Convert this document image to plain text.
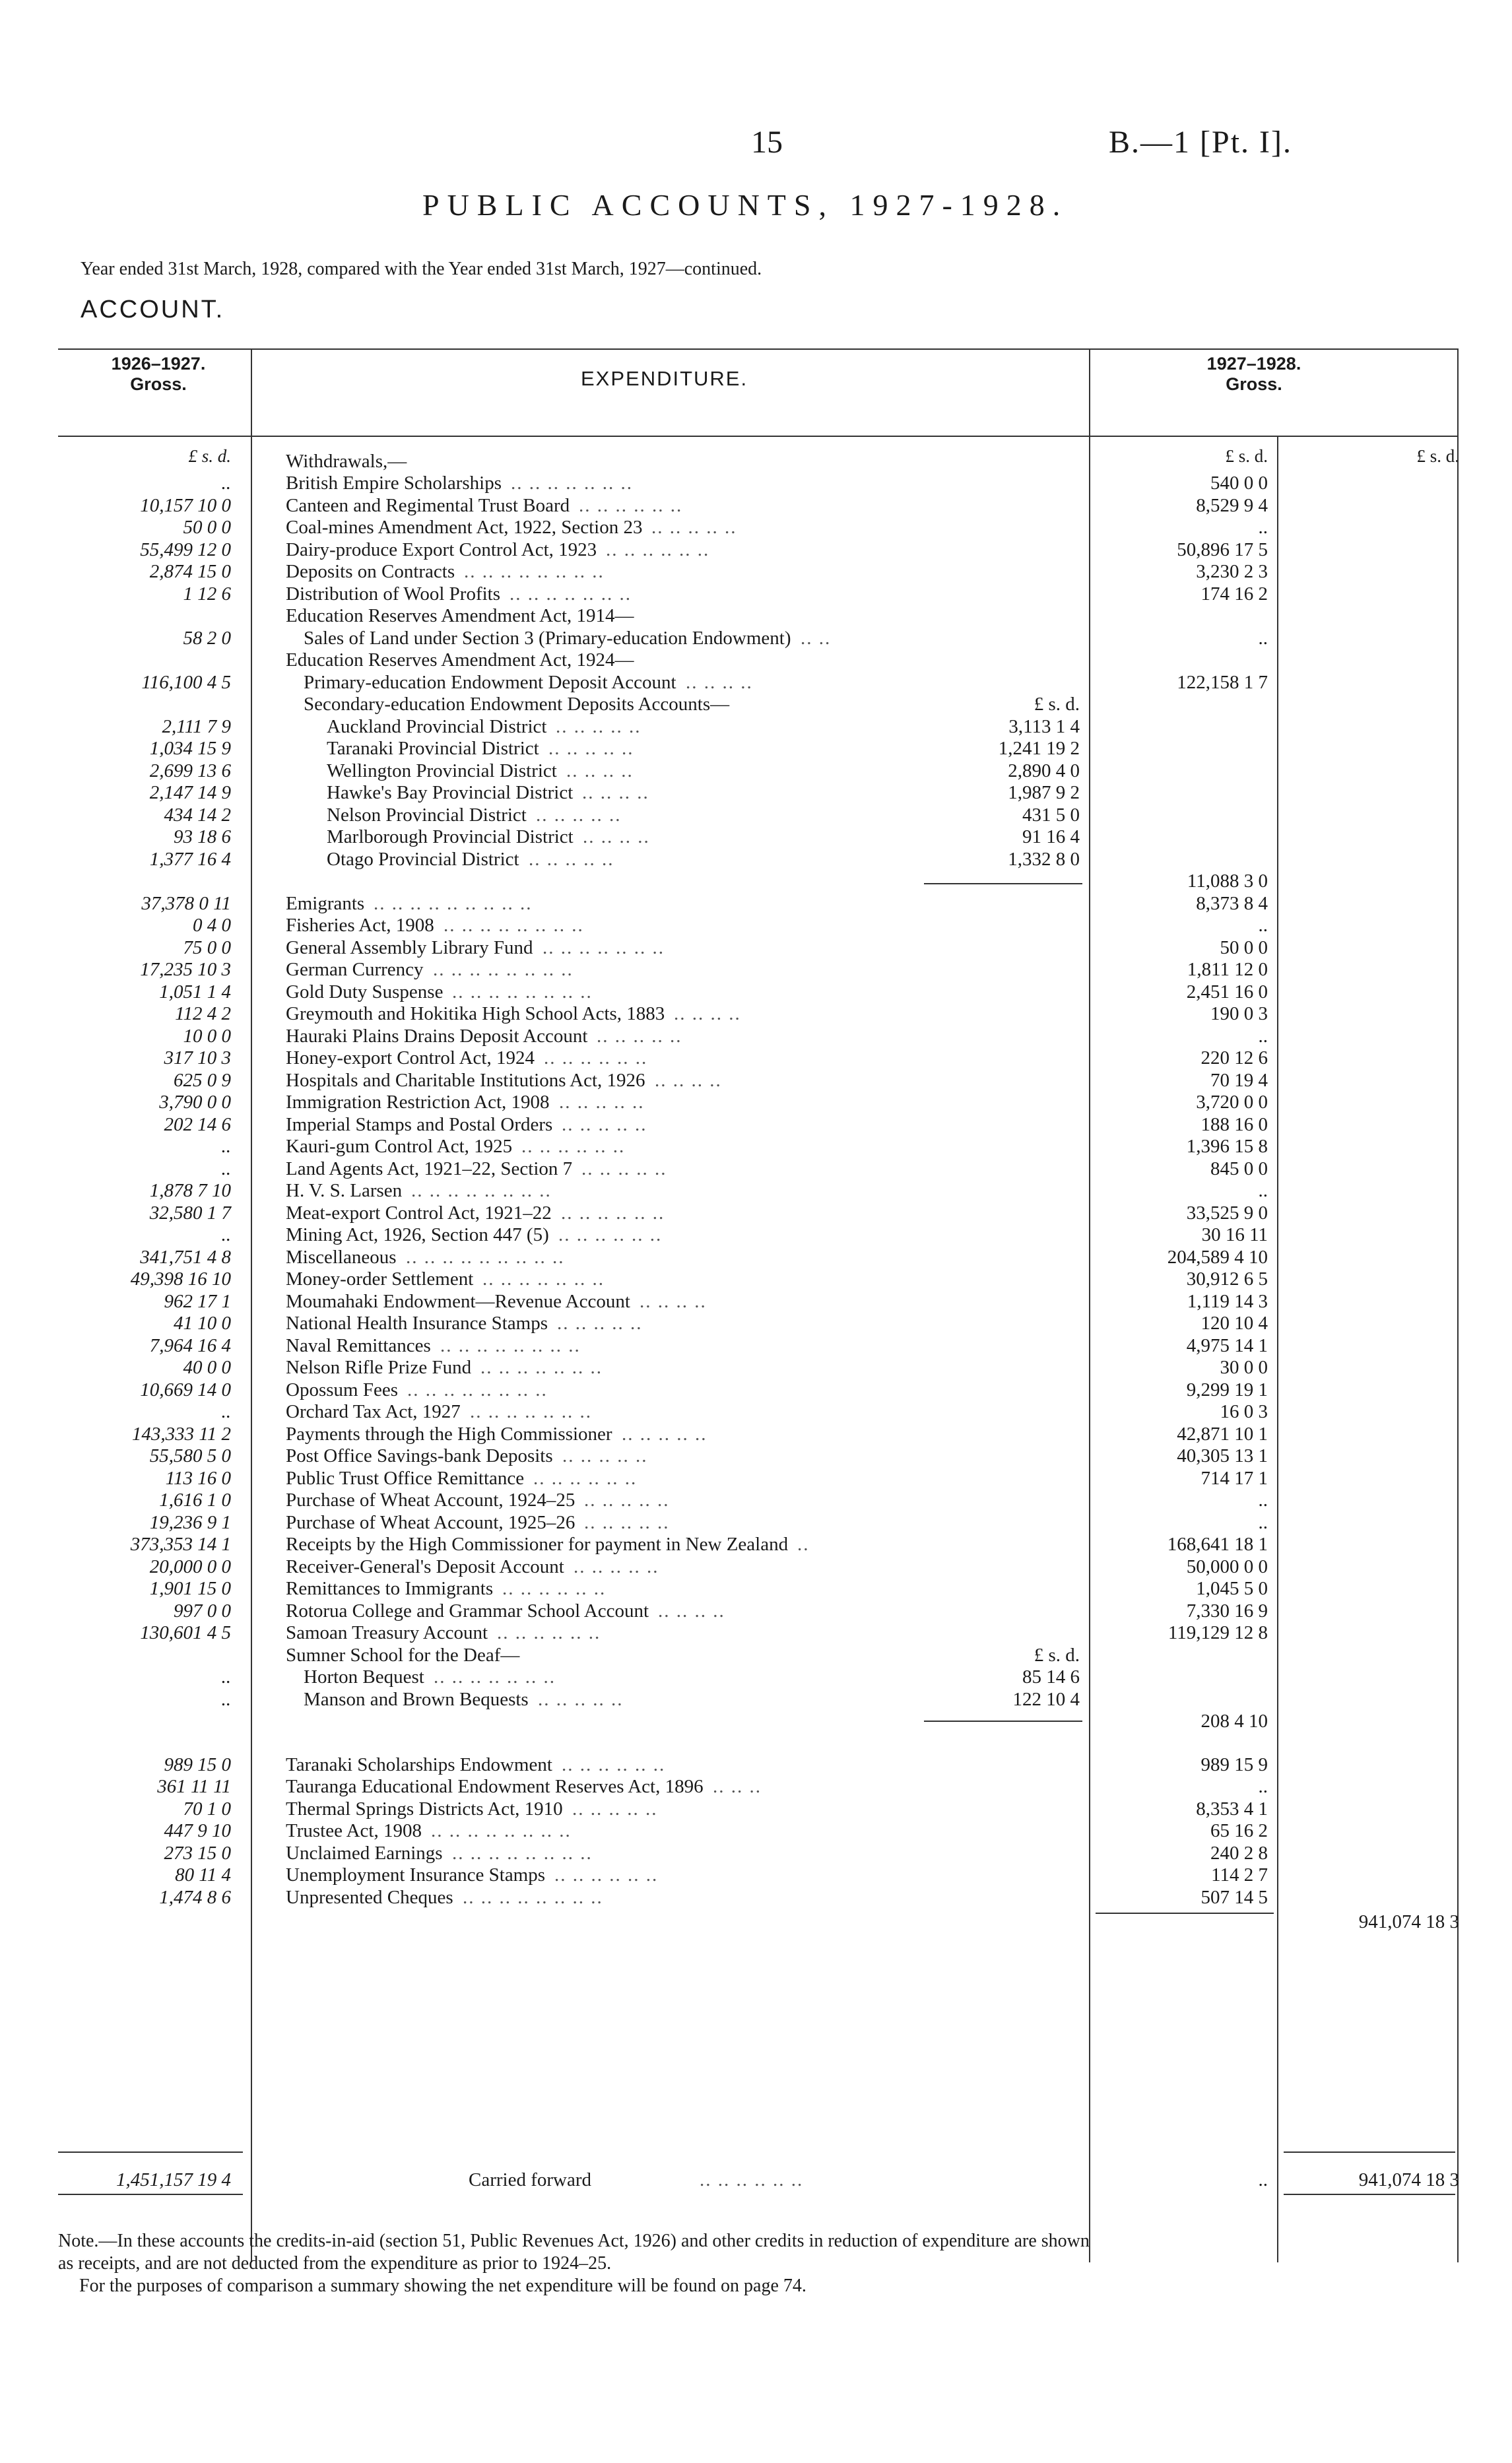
15	B.—1 [Pt. I].
PUBLIC ACCOUNTS, 1927-1928.
Year ended 31st March, 1928, compared with the Year ended 31st March, 1927—continued.
ACCOUNT.
1926–1927.
Gross.	EXPENDITURE.
1927–1928.
Gross.
£ s. d.	£ s. d.	£ s. d.
Withdrawals,—
..	British Empire Scholarships .. .. .. .. .. .. ..	540 0 0
10,157 10 0	Canteen and Regimental Trust Board .. .. .. .. .. ..	8,529 9 4
50 0 0	Coal-mines Amendment Act, 1922, Section 23 .. .. .. .. ..	..
55,499 12 0	Dairy-produce Export Control Act, 1923 .. .. .. .. .. ..	50,896 17 5
2,874 15 0	Deposits on Contracts .. .. .. .. .. .. .. ..	3,230 2 3
1 12 6	Distribution of Wool Profits .. .. .. .. .. .. ..	174 16 2
Education Reserves Amendment Act, 1914—
58 2 0	Sales of Land under Section 3 (Primary-education Endowment) .. ..	..
Education Reserves Amendment Act, 1924—
116,100 4 5	Primary-education Endowment Deposit Account .. .. .. ..	122,158 1 7
Secondary-education Endowment Deposits Accounts—	£ s. d.
2,111 7 9	Auckland Provincial District .. .. .. .. ..	3,113 1 4
1,034 15 9	Taranaki Provincial District .. .. .. .. ..	1,241 19 2
2,699 13 6	Wellington Provincial District .. .. .. ..	2,890 4 0
2,147 14 9	Hawke's Bay Provincial District .. .. .. ..	1,987 9 2
434 14 2	Nelson Provincial District .. .. .. .. ..	431 5 0
93 18 6	Marlborough Provincial District .. .. .. ..	91 16 4
1,377 16 4	Otago Provincial District .. .. .. .. ..	1,332 8 0
11,088 3 0
37,378 0 11	Emigrants .. .. .. .. .. .. .. .. ..	8,373 8 4
0 4 0	Fisheries Act, 1908 .. .. .. .. .. .. .. ..	..
75 0 0	General Assembly Library Fund .. .. .. .. .. .. ..	50 0 0
17,235 10 3	German Currency .. .. .. .. .. .. .. ..	1,811 12 0
1,051 1 4	Gold Duty Suspense .. .. .. .. .. .. .. ..	2,451 16 0
112 4 2	Greymouth and Hokitika High School Acts, 1883 .. .. .. ..	190 0 3
10 0 0	Hauraki Plains Drains Deposit Account .. .. .. .. ..	..
317 10 3	Honey-export Control Act, 1924 .. .. .. .. .. ..	220 12 6
625 0 9	Hospitals and Charitable Institutions Act, 1926 .. .. .. ..	70 19 4
3,790 0 0	Immigration Restriction Act, 1908 .. .. .. .. ..	3,720 0 0
202 14 6	Imperial Stamps and Postal Orders .. .. .. .. ..	188 16 0
..	Kauri-gum Control Act, 1925 .. .. .. .. .. ..	1,396 15 8
..	Land Agents Act, 1921–22, Section 7 .. .. .. .. ..	845 0 0
1,878 7 10	H. V. S. Larsen .. .. .. .. .. .. .. ..	..
32,580 1 7	Meat-export Control Act, 1921–22 .. .. .. .. .. ..	33,525 9 0
..	Mining Act, 1926, Section 447 (5) .. .. .. .. .. ..	30 16 11
341,751 4 8	Miscellaneous .. .. .. .. .. .. .. .. ..	204,589 4 10
49,398 16 10	Money-order Settlement .. .. .. .. .. .. ..	30,912 6 5
962 17 1	Moumahaki Endowment—Revenue Account .. .. .. ..	1,119 14 3
41 10 0	National Health Insurance Stamps .. .. .. .. ..	120 10 4
7,964 16 4	Naval Remittances .. .. .. .. .. .. .. ..	4,975 14 1
40 0 0	Nelson Rifle Prize Fund .. .. .. .. .. .. ..	30 0 0
10,669 14 0	Opossum Fees .. .. .. .. .. .. .. ..	9,299 19 1
..	Orchard Tax Act, 1927 .. .. .. .. .. .. ..	16 0 3
143,333 11 2	Payments through the High Commissioner .. .. .. .. ..	42,871 10 1
55,580 5 0	Post Office Savings-bank Deposits .. .. .. .. ..	40,305 13 1
113 16 0	Public Trust Office Remittance .. .. .. .. .. ..	714 17 1
1,616 1 0	Purchase of Wheat Account, 1924–25 .. .. .. .. ..	..
19,236 9 1	Purchase of Wheat Account, 1925–26 .. .. .. .. ..	..
373,353 14 1	Receipts by the High Commissioner for payment in New Zealand ..	168,641 18 1
20,000 0 0	Receiver-General's Deposit Account .. .. .. .. ..	50,000 0 0
1,901 15 0	Remittances to Immigrants .. .. .. .. .. ..	1,045 5 0
997 0 0	Rotorua College and Grammar School Account .. .. .. ..	7,330 16 9
130,601 4 5	Samoan Treasury Account .. .. .. .. .. ..	119,129 12 8
Sumner School for the Deaf—	£ s. d.
..	Horton Bequest .. .. .. .. .. .. ..	85 14 6
..	Manson and Brown Bequests .. .. .. .. ..	122 10 4
208 4 10
989 15 0	Taranaki Scholarships Endowment .. .. .. .. .. ..	989 15 9
361 11 11	Tauranga Educational Endowment Reserves Act, 1896 .. .. ..	..
70 1 0	Thermal Springs Districts Act, 1910 .. .. .. .. ..	8,353 4 1
447 9 10	Trustee Act, 1908 .. .. .. .. .. .. .. ..	65 16 2
273 15 0	Unclaimed Earnings .. .. .. .. .. .. .. ..	240 2 8
80 11 4	Unemployment Insurance Stamps .. .. .. .. .. ..	114 2 7
1,474 8 6	Unpresented Cheques .. .. .. .. .. .. .. ..	507 14 5
941,074 18 3
1,451,157 19 4	Carried forward	.. .. .. .. .. ..	..	941,074 18 3
Note.—In these accounts the credits-in-aid (section 51, Public Revenues Act, 1926) and other credits in reduction of expenditure are shown
as receipts, and are not deducted from the expenditure as prior to 1924–25.
For the purposes of comparison a summary showing the net expenditure will be found on page 74.
